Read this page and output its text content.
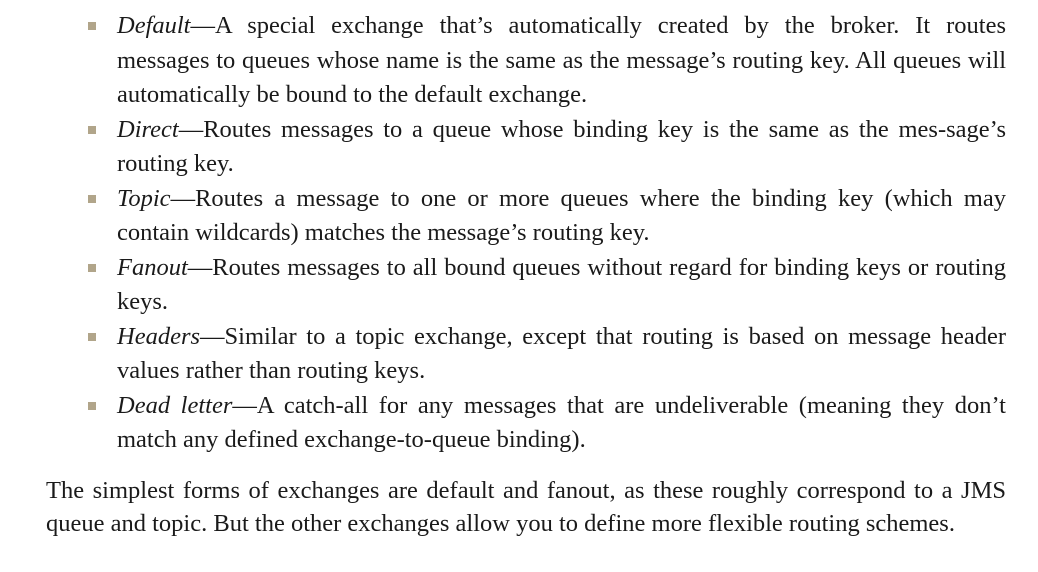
Default—A special exchange that’s automatically created by the broker. It routes messages to queues whose name is the same as the message’s routing key. All queues will automatically be bound to the default exchange.
Direct—Routes messages to a queue whose binding key is the same as the mes-sage’s routing key.
Topic—Routes a message to one or more queues where the binding key (which may contain wildcards) matches the message’s routing key.
Fanout—Routes messages to all bound queues without regard for binding keys or routing keys.
Headers—Similar to a topic exchange, except that routing is based on message header values rather than routing keys.
Dead letter—A catch-all for any messages that are undeliverable (meaning they don’t match any defined exchange-to-queue binding).

The simplest forms of exchanges are default and fanout, as these roughly correspond to a JMS queue and topic. But the other exchanges allow you to define more flexible routing schemes.
